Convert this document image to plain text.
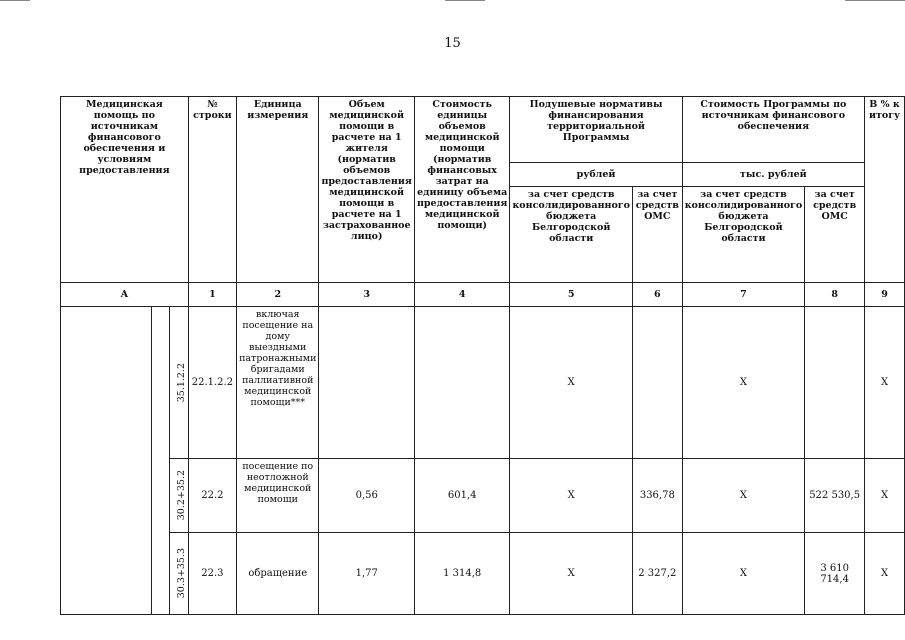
15
Медицинская помощь по источникам финансового обеспечения и условиям предоставления			№ строки	Единица измерения	Объем медицинской помощи в расчете на 1 жителя (норматив объемов предоставления медицинской помощи в расчете на 1 застрахованное лицо)	Стоимость единицы объемов медицинской помощи (норматив финансовых затрат на единицу объема предоставления медицинской помощи)	Подушевые нормативы финансирования территориальной Программы		Стоимость Программы по источникам финансового обеспечения		В % к итогу
							рублей		тыс. рублей		
							за счет средств консолидированного бюджета Белгородской области	за счет средств ОМС	за счет средств консолидированного бюджета Белгородской области	за счет средств ОМС	
А			1	2	3	4	5	6	7	8	9

		35.1.2.2	22.1.2.2	включая посещение на дому выездными патронажными бригадами паллиативной медицинской помощи***			Х		Х		Х

		30.2+35.2	22.2	посещение по неотложной медицинской помощи	0,56	601,4	Х	336,78	Х	522 530,5	Х

		30.3+35.3	22.3	обращение	1,77	1 314,8	Х	2 327,2	Х	3 610 714,4	Х
